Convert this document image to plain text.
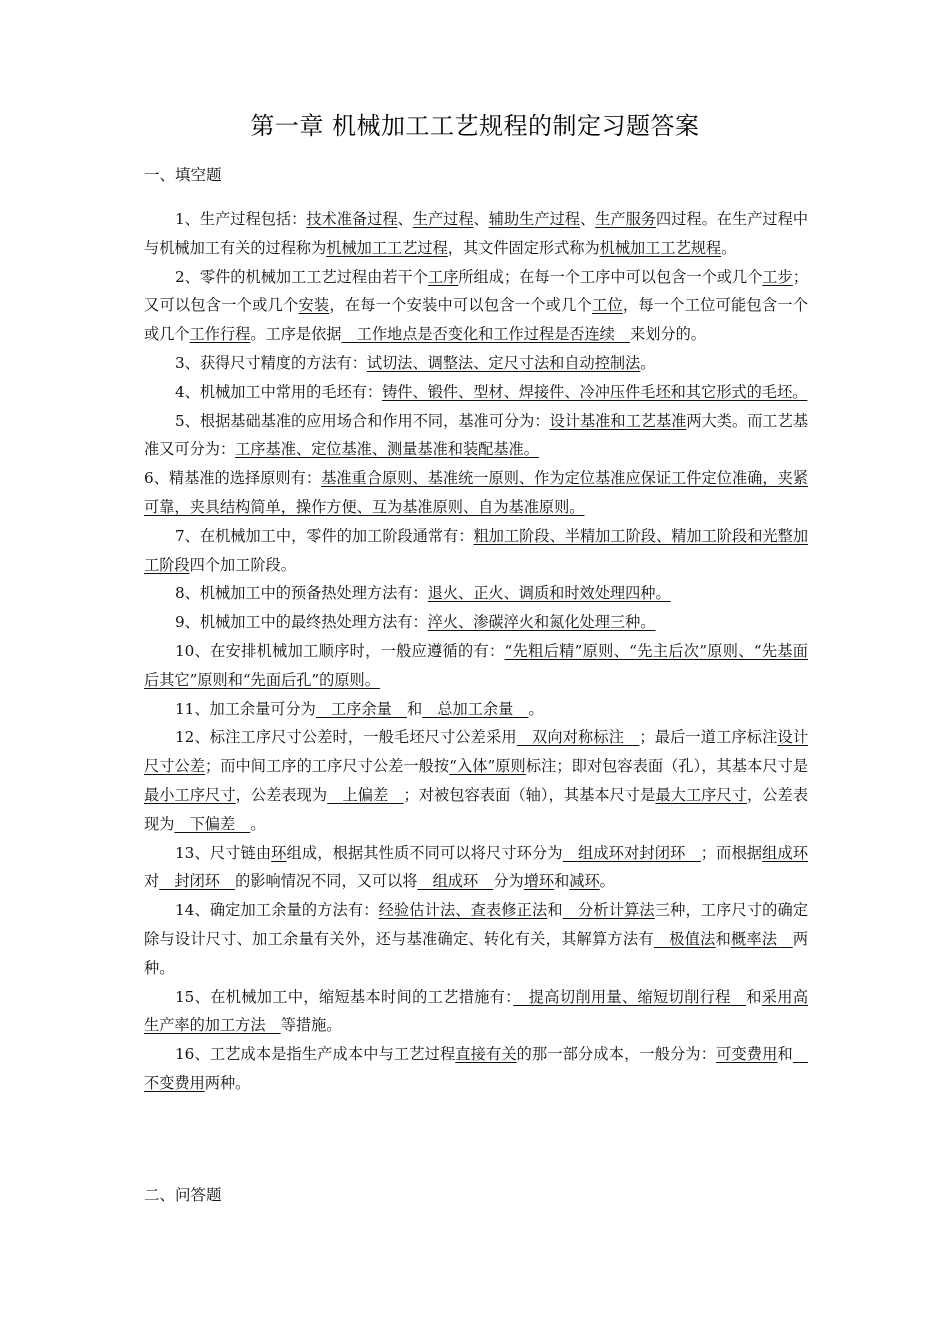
第一章 机械加工工艺规程的制定习题答案
一、填空题

1、生产过程包括：技术准备过程、生产过程、辅助生产过程、生产服务四过程。在生产过程中与机械加工有关的过程称为机械加工工艺过程，其文件固定形式称为机械加工工艺规程。

2、零件的机械加工工艺过程由若干个工序所组成；在每一个工序中可以包含一个或几个工步；又可以包含一个或几个安装，在每一个安装中可以包含一个或几个工位，每一个工位可能包含一个或几个工作行程。工序是依据　工作地点是否变化和工作过程是否连续　来划分的。

3、获得尺寸精度的方法有：试切法、调整法、定尺寸法和自动控制法。

4、机械加工中常用的毛坯有：铸件、锻件、型材、焊接件、冷冲压件毛坯和其它形式的毛坯。

5、根据基础基准的应用场合和作用不同，基准可分为：设计基准和工艺基准两大类。而工艺基准又可分为：工序基准、定位基准、测量基准和装配基准。

6、精基准的选择原则有：基准重合原则、基准统一原则、作为定位基准应保证工件定位准确，夹紧可靠，夹具结构简单，操作方便、互为基准原则、自为基准原则。

7、在机械加工中，零件的加工阶段通常有：粗加工阶段、半精加工阶段、精加工阶段和光整加工阶段四个加工阶段。

8、机械加工中的预备热处理方法有：退火、正火、调质和时效处理四种。

9、机械加工中的最终热处理方法有：淬火、渗碳淬火和氮化处理三种。

10、在安排机械加工顺序时，一般应遵循的有：“先粗后精”原则、“先主后次”原则、“先基面后其它”原则和“先面后孔”的原则。

11、加工余量可分为　工序余量　和　总加工余量　。

12、标注工序尺寸公差时，一般毛坯尺寸公差采用　双向对称标注　；最后一道工序标注设计尺寸公差；而中间工序的工序尺寸公差一般按“入体”原则标注；即对包容表面（孔），其基本尺寸是最小工序尺寸，公差表现为　上偏差　；对被包容表面（轴），其基本尺寸是最大工序尺寸，公差表现为　下偏差　。

13、尺寸链由环组成，根据其性质不同可以将尺寸环分为　组成环对封闭环　；而根据组成环对　封闭环　的影响情况不同，又可以将　组成环　分为增环和减环。

14、确定加工余量的方法有：经验估计法、查表修正法和　分析计算法三种，工序尺寸的确定除与设计尺寸、加工余量有关外，还与基准确定、转化有关，其解算方法有　极值法和概率法　两种。

15、在机械加工中，缩短基本时间的工艺措施有：　提高切削用量、缩短切削行程　和采用高生产率的加工方法　等措施。

16、工艺成本是指生产成本中与工艺过程直接有关的那一部分成本，一般分为：可变费用和　不变费用两种。

二、问答题
